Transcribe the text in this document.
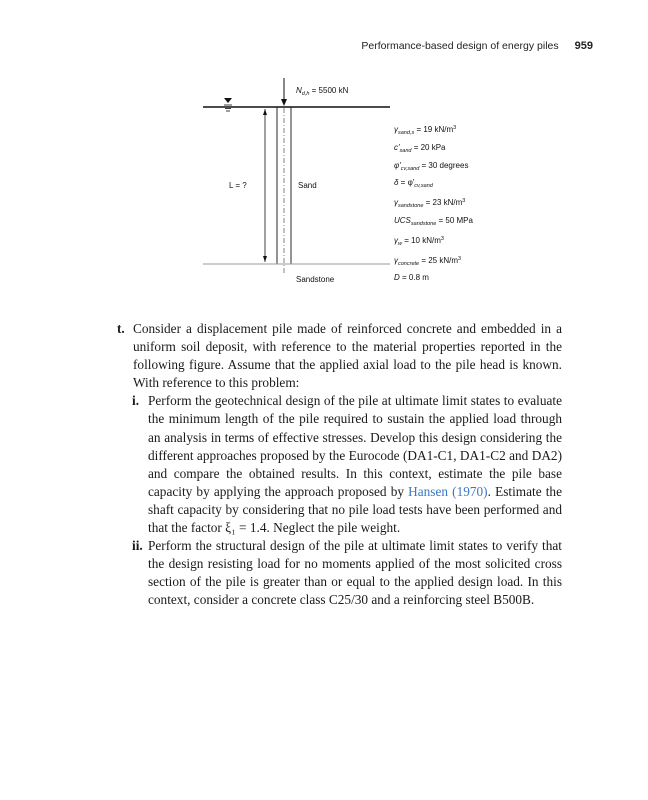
Performance-based design of energy piles 959
$N_{d,h} = 5500$ kN
L = ?	Sand
Sandstone
$\gamma_{sand,s} = 19$ $kN/m^3$
$c'_{sand} = 20$ kPa
$\varphi'_{cv,sand} = 30$ degrees
$\delta = \varphi'_{cv,sand}$
$\gamma_{sandstone} = 23$ $kN/m^3$
$UCS_{sandstone} = 50$ MPa
$\gamma_w = 10$ $kN/m^3$
$\gamma_{concrete} = 25$ $kN/m^3$
D = 0.8 m

t. Consider a displacement pile made of reinforced concrete and embedded in a uniform soil deposit, with reference to the material properties reported in the following figure. Assume that the applied axial load to the pile head is known. With reference to this problem:

i. Perform the geotechnical design of the pile at ultimate limit states to evaluate the minimum length of the pile required to sustain the applied load through an analysis in terms of effective stresses. Develop this design considering the different approaches proposed by the Eurocode (DA1-C1, DA1-C2 and DA2) and compare the obtained results. In this context, estimate the pile base capacity by applying the approach proposed by Hansen (1970). Estimate the shaft capacity by considering that no pile load tests have been performed and that the factor ξ₁ = 1.4. Neglect the pile weight.

ii. Perform the structural design of the pile at ultimate limit states to verify that the design resisting load for no moments applied of the most solicited cross section of the pile is greater than or equal to the applied design load. In this context, consider a concrete class C25/30 and a reinforcing steel B500B.
